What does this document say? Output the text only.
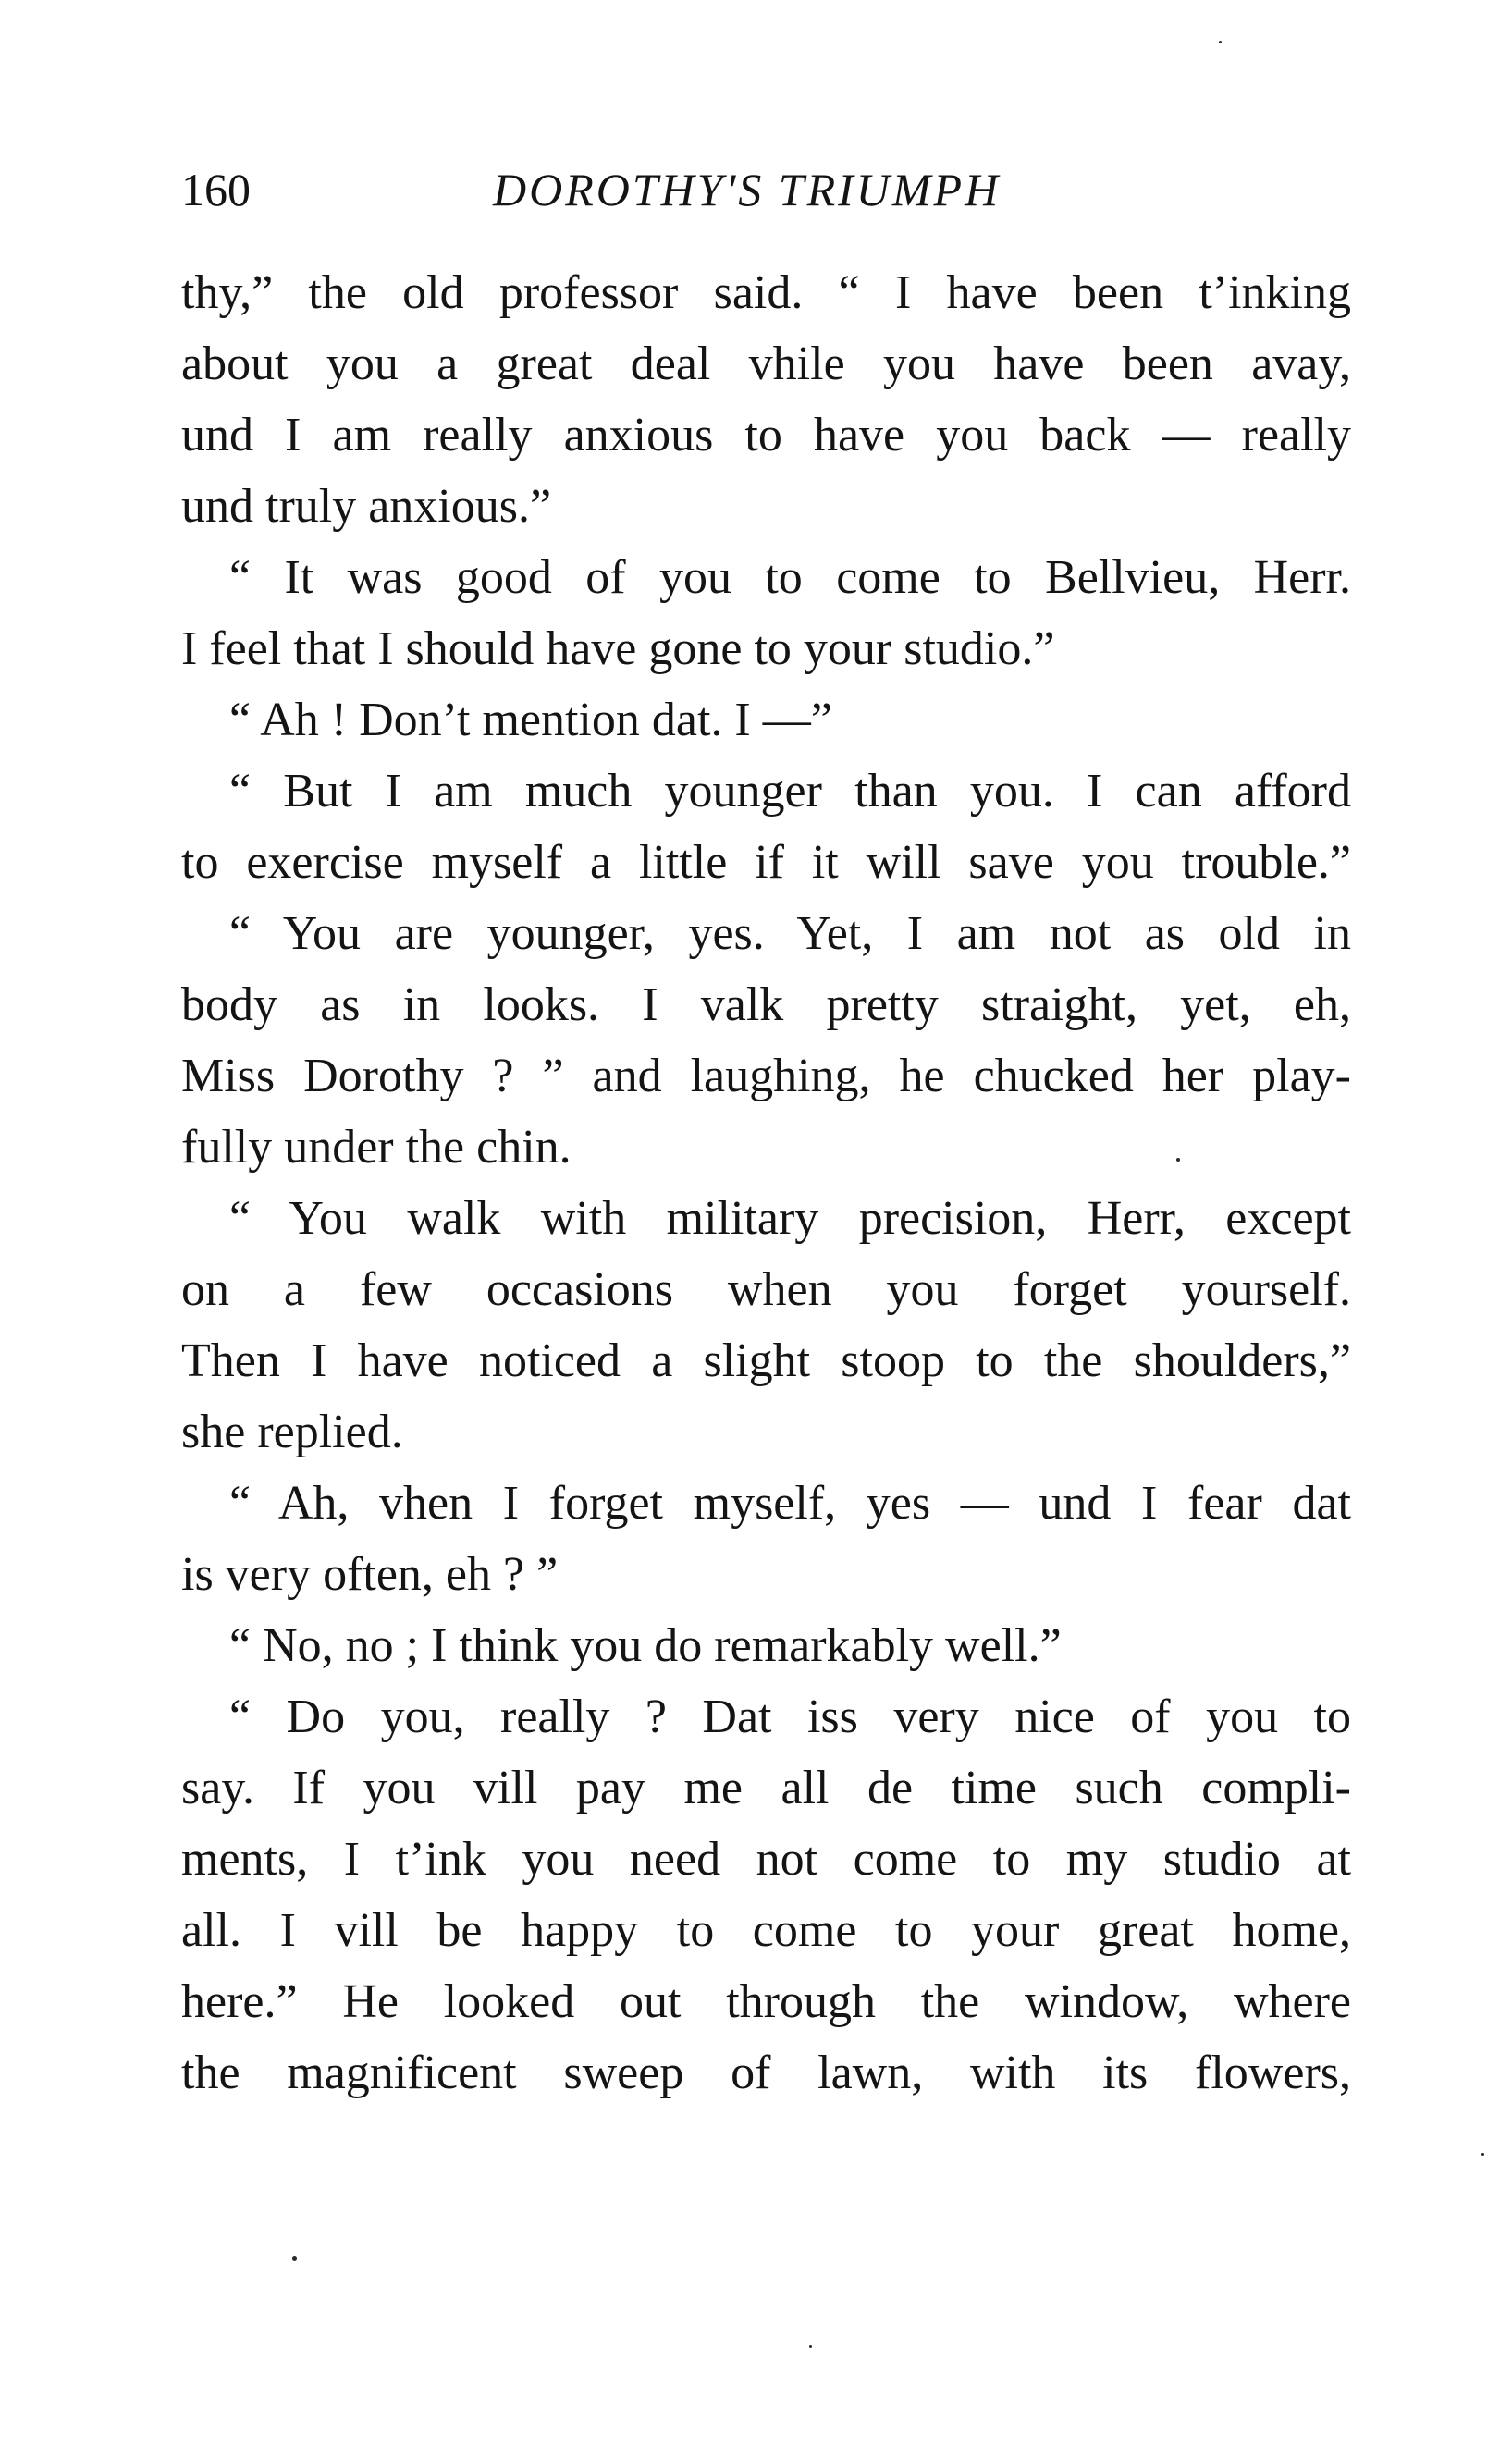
160	DOROTHY'S TRIUMPH
thy,” the old professor said. “ I have been t’inking
about you a great deal vhile you have been avay,
und I am really anxious to have you back — really
und truly anxious.”
“ It was good of you to come to Bellvieu, Herr.
I feel that I should have gone to your studio.”
“ Ah ! Don’t mention dat. I —”
“ But I am much younger than you. I can afford
to exercise myself a little if it will save you trouble.”
“ You are younger, yes. Yet, I am not as old in
body as in looks. I valk pretty straight, yet, eh,
Miss Dorothy ? ” and laughing, he chucked her play-
fully under the chin.
“ You walk with military precision, Herr, except
on a few occasions when you forget yourself.
Then I have noticed a slight stoop to the shoulders,”
she replied.
“ Ah, vhen I forget myself, yes — und I fear dat
is very often, eh ? ”
“ No, no ; I think you do remarkably well.”
“ Do you, really ? Dat iss very nice of you to
say. If you vill pay me all de time such compli-
ments, I t’ink you need not come to my studio at
all. I vill be happy to come to your great home,
here.” He looked out through the window, where
the magnificent sweep of lawn, with its flowers,
